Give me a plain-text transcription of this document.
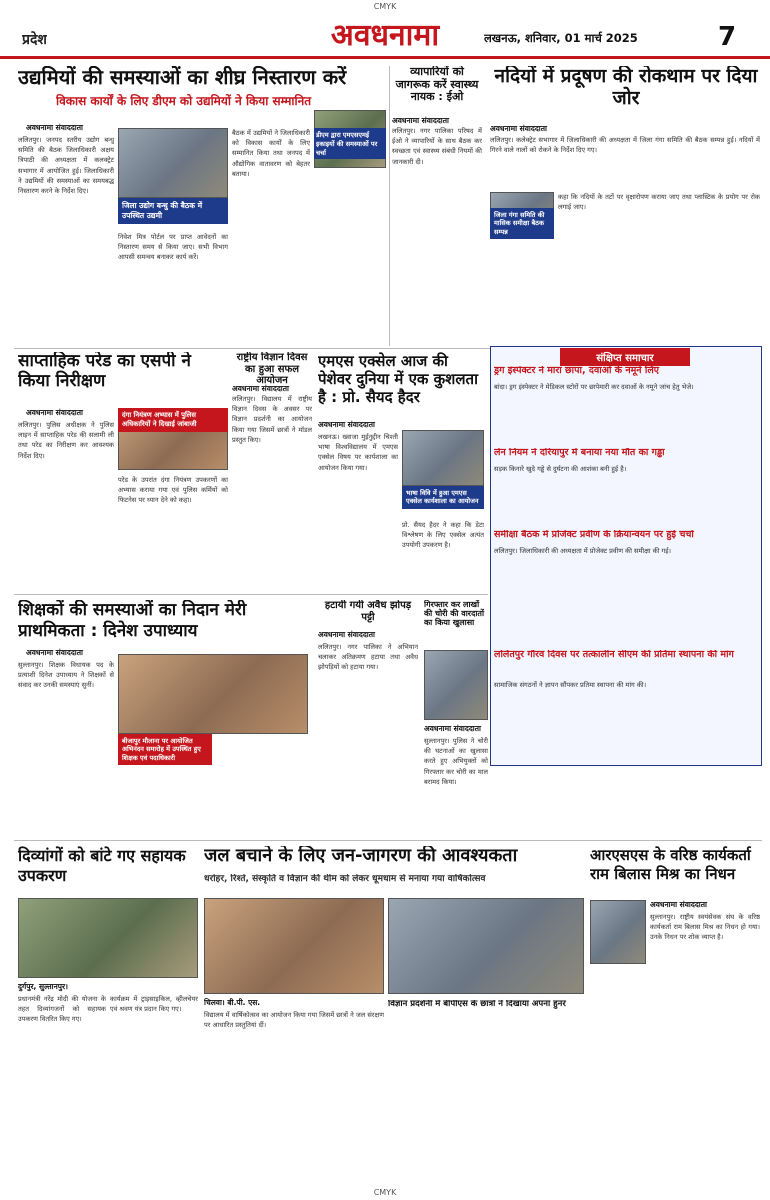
CMYK
प्रदेश	अवधनामा	लखनऊ, शनिवार, 01 मार्च 2025	7
उद्यमियों की समस्याओं का शीघ्र निस्तारण करें
विकास कार्यों के लिए डीएम को उद्यमियों ने किया सम्मानित
अवधनामा संवाददाता
ललितपुर। जनपद स्तरीय उद्योग बन्धु समिति की बैठक जिलाधिकारी अक्षय त्रिपाठी की अध्यक्षता में कलक्ट्रेट सभागार में आयोजित हुई। जिलाधिकारी ने उद्यमियों की समस्याओं का समयबद्ध निस्तारण करने के निर्देश दिए।
जिला उद्योग बन्धु की बैठक में उपस्थित उद्यमी
निवेश मित्र पोर्टल पर प्राप्त आवेदनों का निस्तारण समय से किया जाए। सभी विभाग आपसी समन्वय बनाकर कार्य करें।
बैठक में उद्यमियों ने जिलाधिकारी को विकास कार्यों के लिए सम्मानित किया तथा जनपद में औद्योगिक वातावरण को बेहतर बताया।
डीएम द्वारा एमएसएमई इकाइयों की समस्याओं पर चर्चा
व्यापारियों को जागरूक करें स्वास्थ्य नायक : ईओ
अवधनामा संवाददाता
ललितपुर। नगर पालिका परिषद में ईओ ने व्यापारियों के साथ बैठक कर स्वच्छता एवं स्वास्थ्य संबंधी नियमों की जानकारी दी।
नदियों में प्रदूषण की रोकथाम पर दिया जोर
अवधनामा संवाददाता
ललितपुर। कलेक्ट्रेट सभागार में जिलाधिकारी की अध्यक्षता में जिला गंगा समिति की बैठक सम्पन्न हुई। नदियों में गिरने वाले नालों को रोकने के निर्देश दिए गए।
जिला गंगा समिति की मासिक समीक्षा बैठक सम्पन्न
कहा कि नदियों के तटों पर वृक्षारोपण कराया जाए तथा प्लास्टिक के प्रयोग पर रोक लगाई जाए।
साप्ताहिक परेड का एसपी ने किया निरीक्षण
अवधनामा संवाददाता
ललितपुर। पुलिस अधीक्षक ने पुलिस लाइन में साप्ताहिक परेड की सलामी ली तथा परेड का निरीक्षण कर आवश्यक निर्देश दिए।
दंगा नियंत्रण अभ्यास में पुलिस अधिकारियों ने दिखाई जांबाजी
परेड के उपरांत दंगा नियंत्रण उपकरणों का अभ्यास कराया गया एवं पुलिस कर्मियों को फिटनेस पर ध्यान देने को कहा।
राष्ट्रीय विज्ञान दिवस का हुआ सफल आयोजन
अवधनामा संवाददाता
ललितपुर। विद्यालय में राष्ट्रीय विज्ञान दिवस के अवसर पर विज्ञान प्रदर्शनी का आयोजन किया गया जिसमें छात्रों ने मॉडल प्रस्तुत किए।
एमएस एक्सेल आज की पेशेवर दुनिया में एक कुशलता है : प्रो. सैयद हैदर
अवधनामा संवाददाता
लखनऊ। ख्वाजा मुईनुद्दीन चिश्ती भाषा विश्वविद्यालय में एमएस एक्सेल विषय पर कार्यशाला का आयोजन किया गया।
भाषा विवि में हुआ एमएस एक्सेल कार्यशाला का आयोजन
प्रो. सैयद हैदर ने कहा कि डेटा विश्लेषण के लिए एक्सेल अत्यंत उपयोगी उपकरण है।
संक्षिप्त समाचार
ड्रग इंस्पेक्टर ने मारा छापा, दवाओं के नमूने लिए
बांदा। ड्रग इंस्पेक्टर ने मेडिकल स्टोरों पर छापेमारी कर दवाओं के नमूने जांच हेतु भेजे।
लेन नियम ने दरियापुर में बनाया नया मौत का गड्ढा
सड़क किनारे खुदे गड्ढे से दुर्घटना की आशंका बनी हुई है।
समीक्षा बैठक में प्रोजेक्ट प्रवीण के क्रियान्वयन पर हुई चर्चा
ललितपुर। जिलाधिकारी की अध्यक्षता में प्रोजेक्ट प्रवीण की समीक्षा की गई।
ललितपुर गौरव दिवस पर तत्कालीन सीएम की प्रतिमा स्थापना की मांग
सामाजिक संगठनों ने ज्ञापन सौंपकर प्रतिमा स्थापना की मांग की।
शिक्षकों की समस्याओं का निदान मेरी प्राथमिकता : दिनेश उपाध्याय
अवधनामा संवाददाता
सुल्तानपुर। शिक्षक विधायक पद के प्रत्याशी दिनेश उपाध्याय ने शिक्षकों से संवाद कर उनकी समस्याएं सुनीं।
बीजापुर मौलाना पर आयोजित अभिनंदन समारोह में उपस्थित हुए शिक्षक एवं पदाधिकारी
हटायी गयी अवैध झोपड़ पट्टी
अवधनामा संवाददाता
ललितपुर। नगर पालिका ने अभियान चलाकर अतिक्रमण हटाया तथा अवैध झोपड़ियों को हटाया गया।
गिरफ्तार कर लाखों की चोरी की वारदातों का किया खुलासा
अवधनामा संवाददाता
सुल्तानपुर। पुलिस ने चोरी की घटनाओं का खुलासा करते हुए अभियुक्तों को गिरफ्तार कर चोरी का माल बरामद किया।
दिव्यांगों को बांटे गए सहायक उपकरण
दुर्गपुर, सुल्तानपुर।
प्रधानमंत्री नरेंद्र मोदी की योजना के तहत दिव्यांगजनों को सहायक उपकरण वितरित किए गए।
कार्यक्रम में ट्राइसाइकिल, व्हीलचेयर एवं श्रवण यंत्र प्रदान किए गए।
जल बचाने के लिए जन-जागरण की आवश्यकता
धरोहर, रिश्ते, संस्कृति व विज्ञान की थीम को लेकर धूमधाम से मनाया गया वार्षिकोत्सव
चिलवा। बी.पी. एस.
विद्यालय में वार्षिकोत्सव का आयोजन किया गया जिसमें छात्रों ने जल संरक्षण पर आधारित प्रस्तुतियां दीं।
विज्ञान प्रदर्शनी में बीपीएस के छात्रों ने दिखाया अपना हुनर
आरएसएस के वरिष्ठ कार्यकर्ता राम बिलास मिश्र का निधन
अवधनामा संवाददाता
सुल्तानपुर। राष्ट्रीय स्वयंसेवक संघ के वरिष्ठ कार्यकर्ता राम बिलास मिश्र का निधन हो गया। उनके निधन पर शोक व्याप्त है।
CMYK
